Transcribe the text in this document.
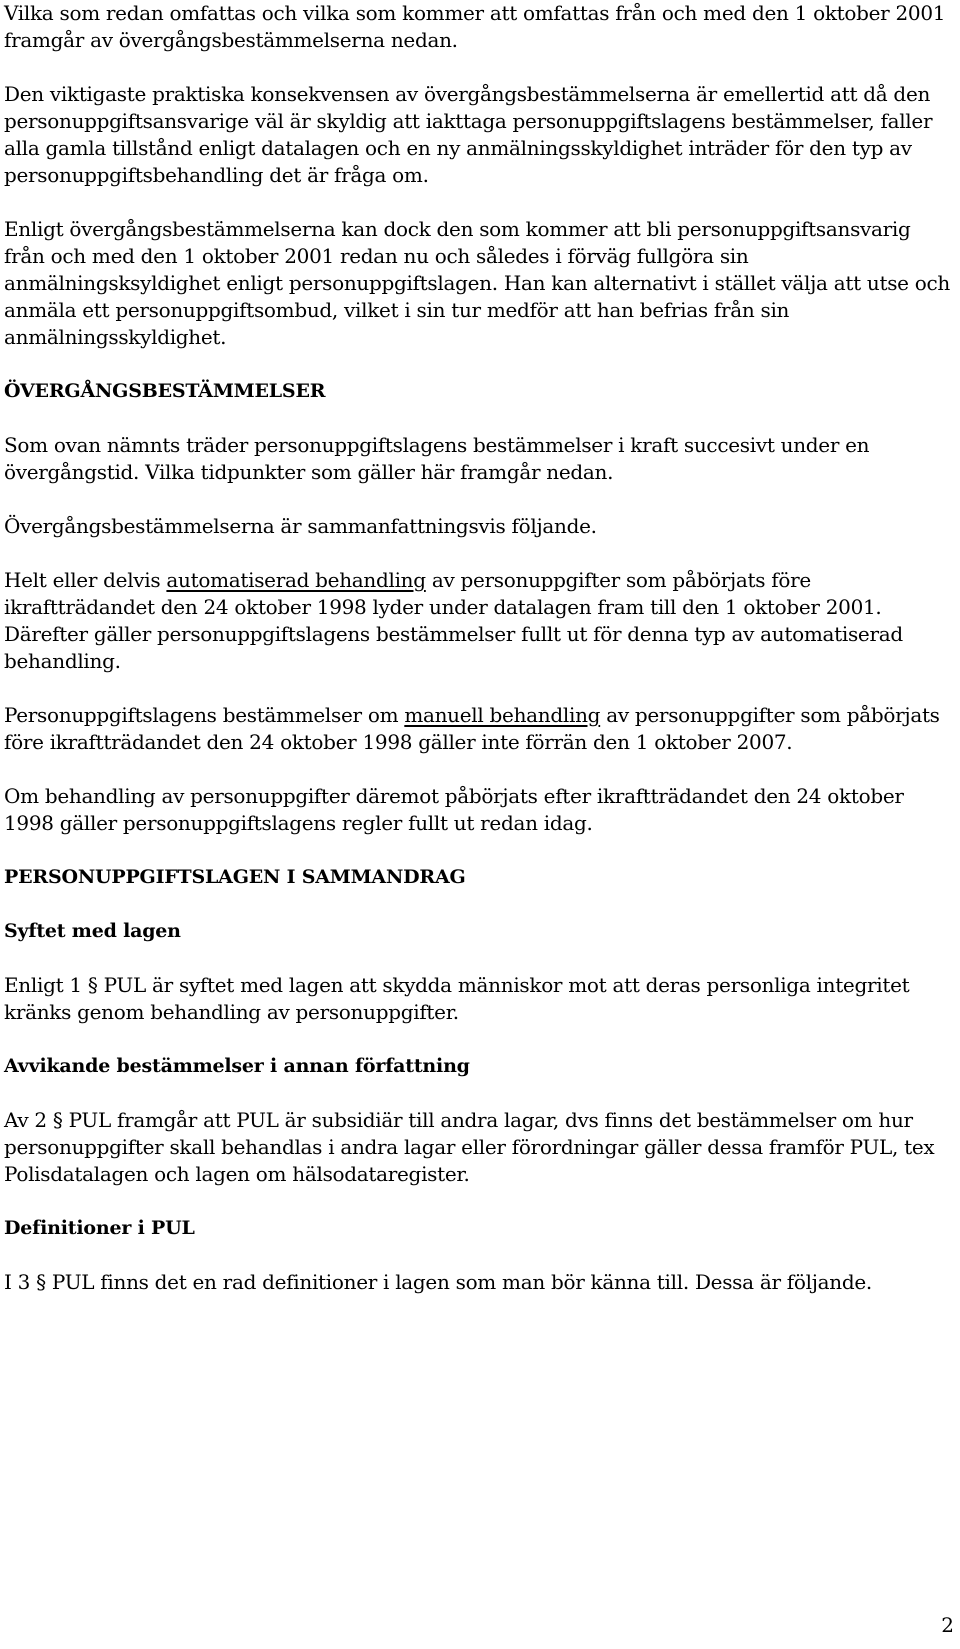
Vilka som redan omfattas och vilka som kommer att omfattas från och med den 1 oktober 2001 framgår av övergångsbestämmelserna nedan.

Den viktigaste praktiska konsekvensen av övergångsbestämmelserna är emellertid att då den personuppgiftsansvarige väl är skyldig att iakttaga personuppgiftslagens bestämmelser, faller alla gamla tillstånd enligt datalagen och en ny anmälningsskyldighet inträder för den typ av personuppgiftsbehandling det är fråga om.

Enligt övergångsbestämmelserna kan dock den som kommer att bli personuppgiftsansvarig från och med den 1 oktober 2001 redan nu och således i förväg fullgöra sin anmälningsksyldighet enligt personuppgiftslagen. Han kan alternativt i stället välja att utse och anmäla ett personuppgiftsombud, vilket i sin tur medför att han befrias från sin anmälningsskyldighet.

ÖVERGÅNGSBESTÄMMELSER

Som ovan nämnts träder personuppgiftslagens bestämmelser i kraft succesivt under en övergångstid. Vilka tidpunkter som gäller här framgår nedan.

Övergångsbestämmelserna är sammanfattningsvis följande.

Helt eller delvis automatiserad behandling av personuppgifter som påbörjats före ikraftträdandet den 24 oktober 1998 lyder under datalagen fram till den 1 oktober 2001. Därefter gäller personuppgiftslagens bestämmelser fullt ut för denna typ av automatiserad behandling.

Personuppgiftslagens bestämmelser om manuell behandling av personuppgifter som påbörjats före ikraftträdandet den 24 oktober 1998 gäller inte förrän den 1 oktober 2007.

Om behandling av personuppgifter däremot påbörjats efter ikraftträdandet den 24 oktober 1998 gäller personuppgiftslagens regler fullt ut redan idag.

PERSONUPPGIFTSLAGEN I SAMMANDRAG
Syftet med lagen

Enligt 1 § PUL är syftet med lagen att skydda människor mot att deras personliga integritet kränks genom behandling av personuppgifter.

Avvikande bestämmelser i annan författning

Av 2 § PUL framgår att PUL är subsidiär till andra lagar, dvs finns det bestämmelser om hur personuppgifter skall behandlas i andra lagar eller förordningar gäller dessa framför PUL, tex Polisdatalagen och lagen om hälsodataregister.

Definitioner i PUL

I 3 § PUL finns det en rad definitioner i lagen som man bör känna till. Dessa är följande.

2
